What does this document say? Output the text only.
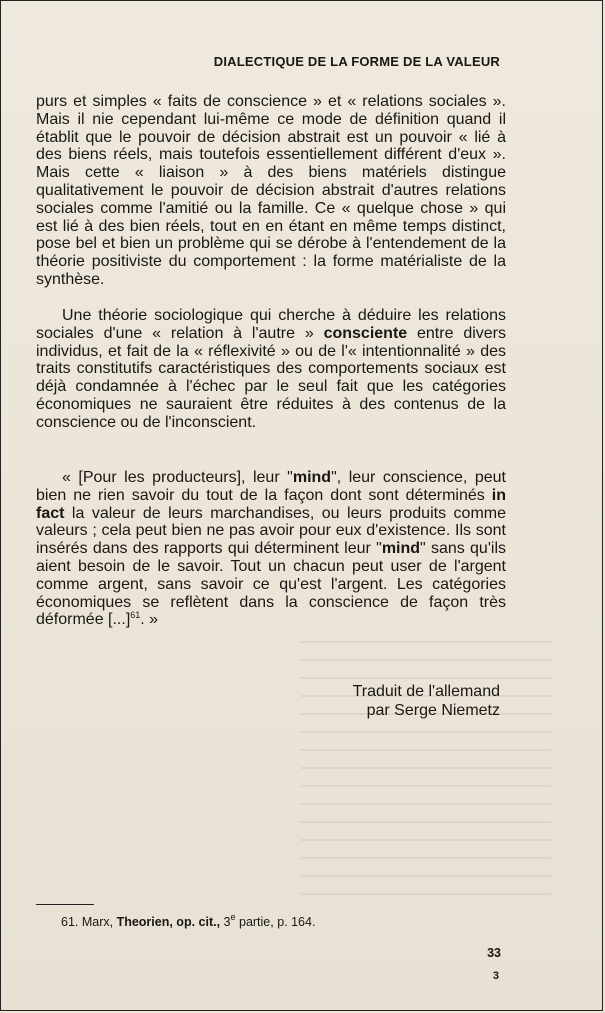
DIALECTIQUE DE LA FORME DE LA VALEUR

purs et simples « faits de conscience » et « relations sociales ». Mais il nie cependant lui-même ce mode de définition quand il établit que le pouvoir de décision abstrait est un pouvoir « lié à des biens réels, mais toutefois essentiellement différent d'eux ». Mais cette « liaison » à des biens matériels distingue qualitativement le pouvoir de décision abstrait d'autres relations sociales comme l'amitié ou la famille. Ce « quelque chose » qui est lié à des bien réels, tout en en étant en même temps distinct, pose bel et bien un problème qui se dérobe à l'entendement de la théorie positiviste du comportement : la forme matérialiste de la synthèse.

Une théorie sociologique qui cherche à déduire les relations sociales d'une « relation à l'autre » consciente entre divers individus, et fait de la « réflexivité » ou de l'« intentionnalité » des traits constitutifs caractéristiques des comportements sociaux est déjà condamnée à l'échec par le seul fait que les catégories économiques ne sauraient être réduites à des contenus de la conscience ou de l'inconscient.

« [Pour les producteurs], leur "mind", leur conscience, peut bien ne rien savoir du tout de la façon dont sont déterminés in fact la valeur de leurs marchandises, ou leurs produits comme valeurs ; cela peut bien ne pas avoir pour eux d'existence. Ils sont insérés dans des rapports qui déterminent leur "mind" sans qu'ils aient besoin de le savoir. Tout un chacun peut user de l'argent comme argent, sans savoir ce qu'est l'argent. Les catégories économiques se reflètent dans la conscience de façon très déformée [...]$^{61}$. »

Traduit de l'allemand
par Serge Niemetz
61. Marx, Theorien, op. cit., 3e partie, p. 164.
33
3
